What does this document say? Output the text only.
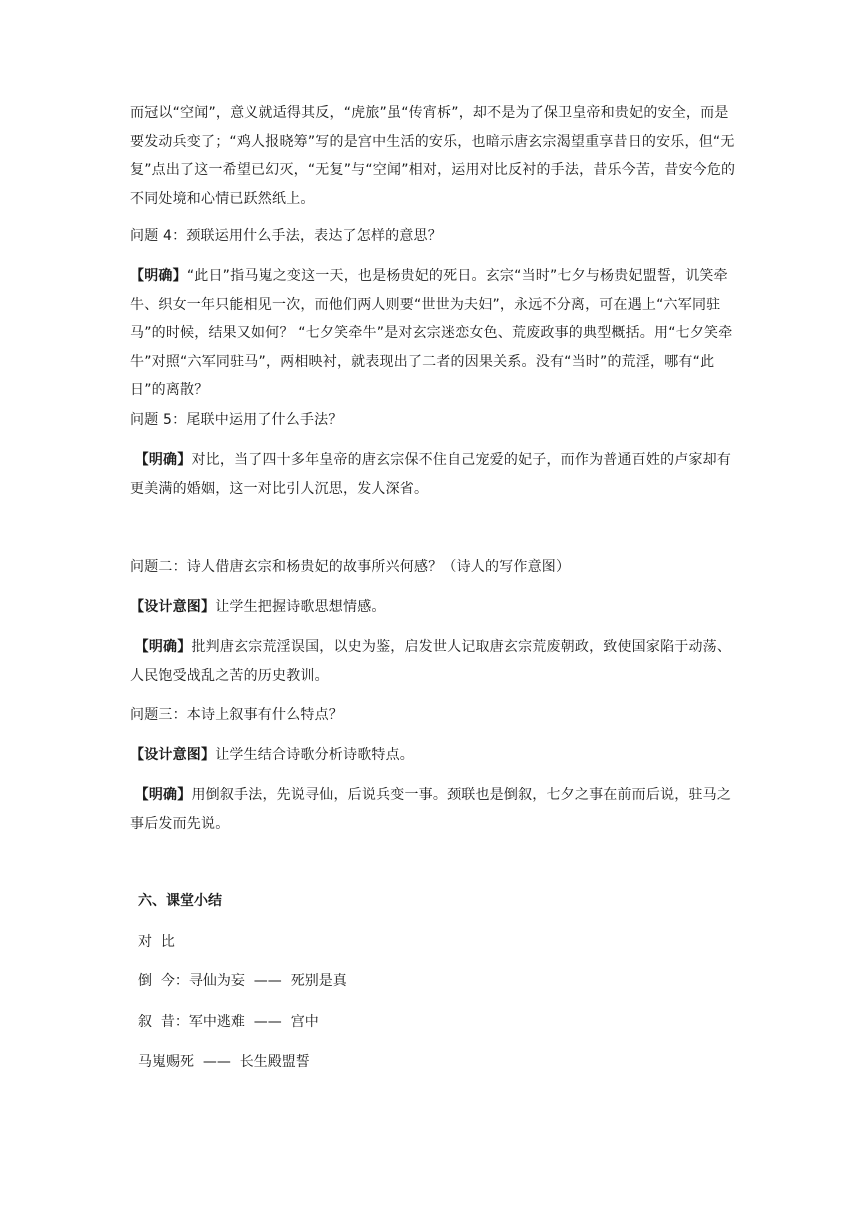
而冠以“空闻”，意义就适得其反，“虎旅”虽“传宵柝”，却不是为了保卫皇帝和贵妃的安全，而是要发动兵变了；“鸡人报晓筹”写的是宫中生活的安乐，也暗示唐玄宗渴望重享昔日的安乐，但“无复”点出了这一希望已幻灭，“无复”与“空闻”相对，运用对比反衬的手法，昔乐今苦，昔安今危的不同处境和心情已跃然纸上。

问题 4：颈联运用什么手法，表达了怎样的意思？

【明确】“此日”指马嵬之变这一天，也是杨贵妃的死日。玄宗“当时”七夕与杨贵妃盟誓，讥笑牵牛、织女一年只能相见一次，而他们两人则要“世世为夫妇”，永远不分离，可在遇上“六军同驻马”的时候，结果又如何？ “七夕笑牵牛”是对玄宗迷恋女色、荒废政事的典型概括。用“七夕笑牵牛”对照“六军同驻马”，两相映衬，就表现出了二者的因果关系。没有“当时”的荒淫，哪有“此日”的离散？

问题 5：尾联中运用了什么手法？

【明确】对比，当了四十多年皇帝的唐玄宗保不住自己宠爱的妃子，而作为普通百姓的卢家却有更美满的婚姻，这一对比引人沉思，发人深省。

问题二：诗人借唐玄宗和杨贵妃的故事所兴何感？（诗人的写作意图）

【设计意图】让学生把握诗歌思想情感。

【明确】批判唐玄宗荒淫误国，以史为鉴，启发世人记取唐玄宗荒废朝政，致使国家陷于动荡、人民饱受战乱之苦的历史教训。

问题三：本诗上叙事有什么特点？

【设计意图】让学生结合诗歌分析诗歌特点。

【明确】用倒叙手法，先说寻仙，后说兵变一事。颈联也是倒叙，七夕之事在前而后说，驻马之事后发而先说。

六、课堂小结

对  比

倒  今：寻仙为妄  ——  死别是真

叙  昔：军中逃难  ——  宫中

马嵬赐死  ——  长生殿盟誓
